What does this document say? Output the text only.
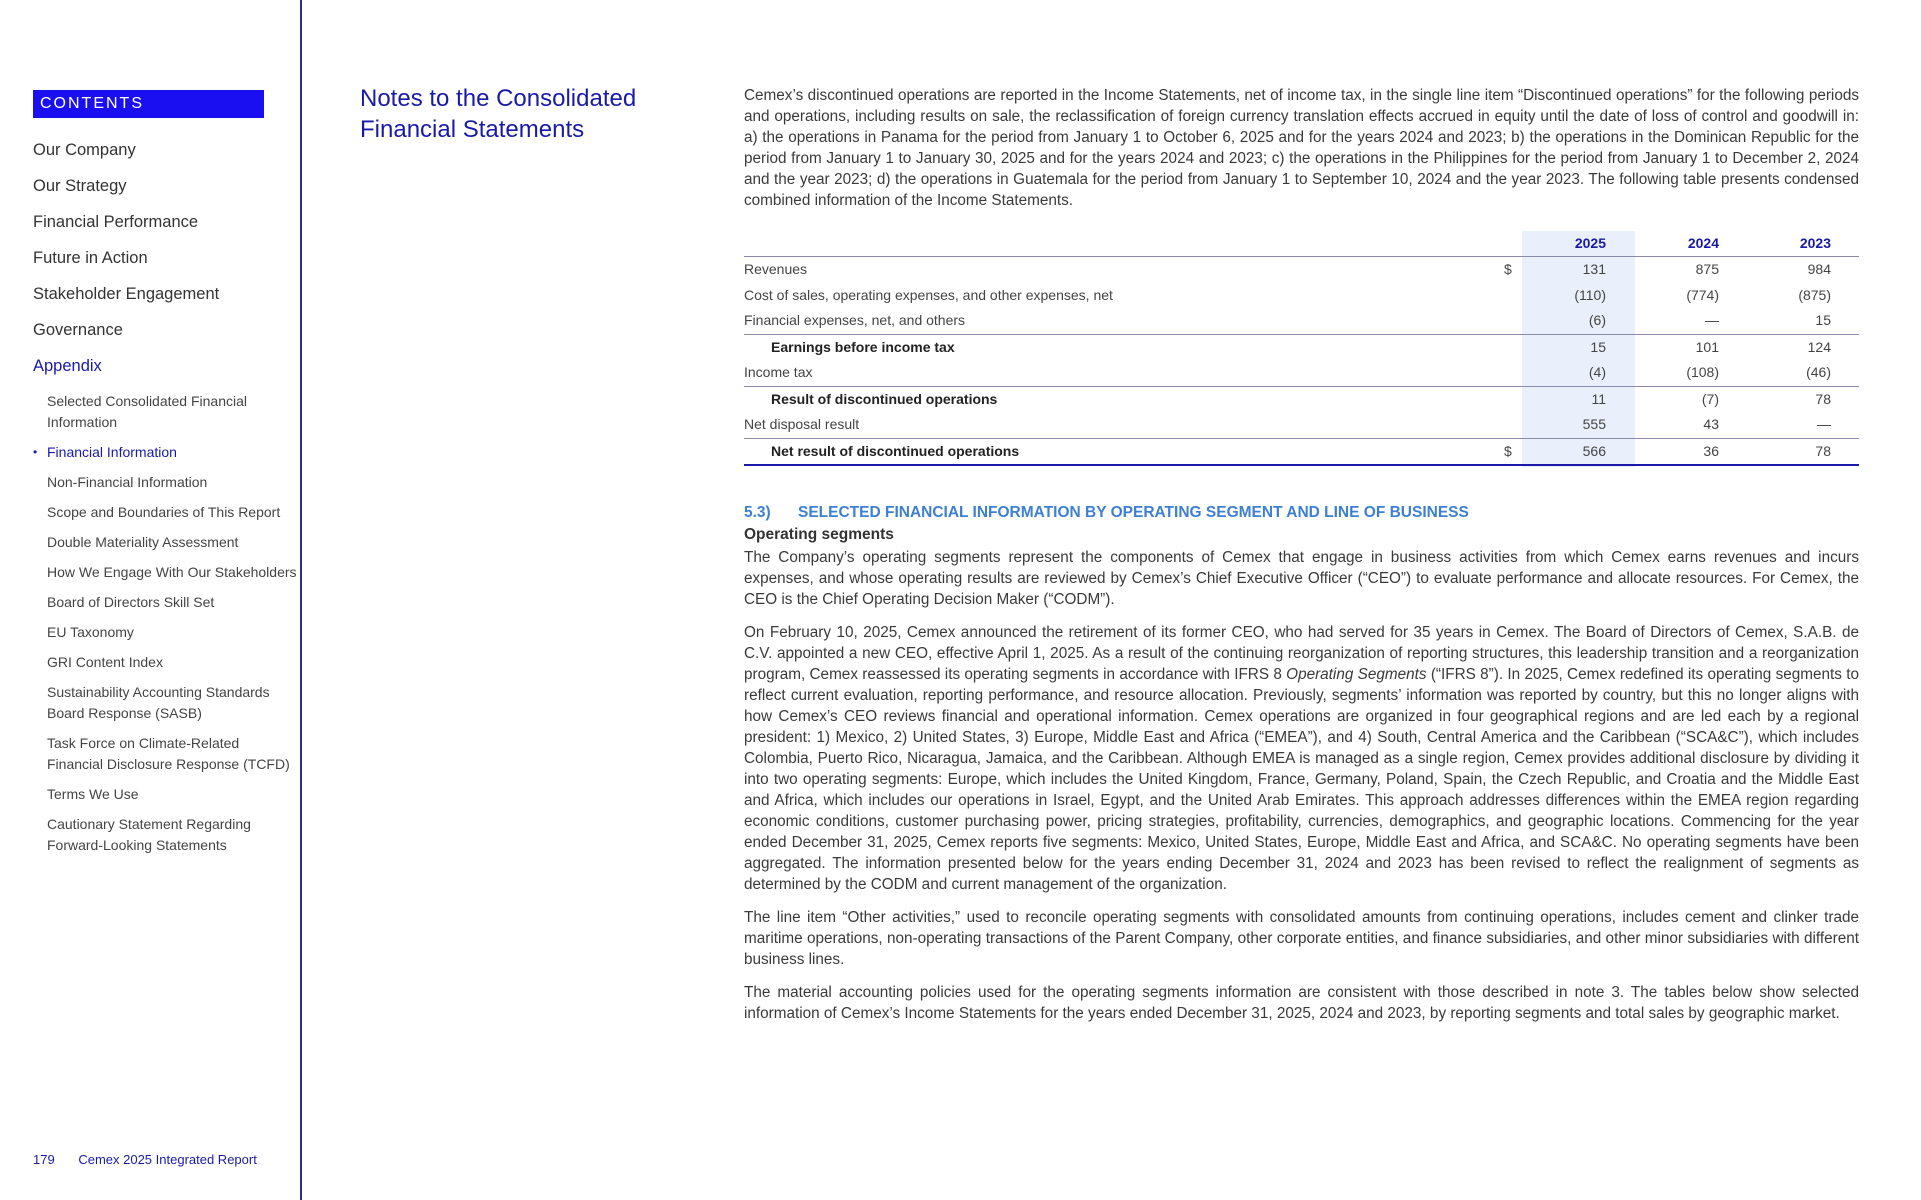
CONTENTS
Our Company
Our Strategy
Financial Performance
Future in Action
Stakeholder Engagement
Governance
Appendix
Selected Consolidated Financial Information
• Financial Information
Non-Financial Information
Scope and Boundaries of This Report
Double Materiality Assessment
How We Engage With Our Stakeholders
Board of Directors Skill Set
EU Taxonomy
GRI Content Index
Sustainability Accounting Standards Board Response (SASB)
Task Force on Climate-Related Financial Disclosure Response (TCFD)
Terms We Use
Cautionary Statement Regarding Forward-Looking Statements
179 Cemex 2025 Integrated Report
Notes to the Consolidated Financial Statements

Cemex’s discontinued operations are reported in the Income Statements, net of income tax, in the single line item “Discontinued operations” for the following periods and operations, including results on sale, the reclassification of foreign currency translation effects accrued in equity until the date of loss of control and goodwill in: a) the operations in Panama for the period from January 1 to October 6, 2025 and for the years 2024 and 2023; b) the operations in the Dominican Republic for the period from January 1 to January 30, 2025 and for the years 2024 and 2023; c) the operations in the Philippines for the period from January 1 to December 2, 2024 and the year 2023; d) the operations in Guatemala for the period from January 1 to September 10, 2024 and the year 2023. The following table presents condensed combined information of the Income Statements.

2025	2024	2023
Revenues	$	131	875	984
Cost of sales, operating expenses, and other expenses, net	(110)	(774)	(875)
Financial expenses, net, and others	(6)	—	15
Earnings before income tax	15	101	124
Income tax	(4)	(108)	(46)
Result of discontinued operations	11	(7)	78
Net disposal result	555	43	—
Net result of discontinued operations	$	566	36	78
5.3) SELECTED FINANCIAL INFORMATION BY OPERATING SEGMENT AND LINE OF BUSINESS
Operating segments

The Company’s operating segments represent the components of Cemex that engage in business activities from which Cemex earns revenues and incurs expenses, and whose operating results are reviewed by Cemex’s Chief Executive Officer (“CEO”) to evaluate performance and allocate resources. For Cemex, the CEO is the Chief Operating Decision Maker (“CODM”).

On February 10, 2025, Cemex announced the retirement of its former CEO, who had served for 35 years in Cemex. The Board of Directors of Cemex, S.A.B. de C.V. appointed a new CEO, effective April 1, 2025. As a result of the continuing reorganization of reporting structures, this leadership transition and a reorganization program, Cemex reassessed its operating segments in accordance with IFRS 8 Operating Segments (“IFRS 8”). In 2025, Cemex redefined its operating segments to reflect current evaluation, reporting performance, and resource allocation. Previously, segments’ information was reported by country, but this no longer aligns with how Cemex’s CEO reviews financial and operational information. Cemex operations are organized in four geographical regions and are led each by a regional president: 1) Mexico, 2) United States, 3) Europe, Middle East and Africa (“EMEA”), and 4) South, Central America and the Caribbean (“SCA&C”), which includes Colombia, Puerto Rico, Nicaragua, Jamaica, and the Caribbean. Although EMEA is managed as a single region, Cemex provides additional disclosure by dividing it into two operating segments: Europe, which includes the United Kingdom, France, Germany, Poland, Spain, the Czech Republic, and Croatia and the Middle East and Africa, which includes our operations in Israel, Egypt, and the United Arab Emirates. This approach addresses differences within the EMEA region regarding economic conditions, customer purchasing power, pricing strategies, profitability, currencies, demographics, and geographic locations. Commencing for the year ended December 31, 2025, Cemex reports five segments: Mexico, United States, Europe, Middle East and Africa, and SCA&C. No operating segments have been aggregated. The information presented below for the years ending December 31, 2024 and 2023 has been revised to reflect the realignment of segments as determined by the CODM and current management of the organization.

The line item “Other activities,” used to reconcile operating segments with consolidated amounts from continuing operations, includes cement and clinker trade maritime operations, non-operating transactions of the Parent Company, other corporate entities, and finance subsidiaries, and other minor subsidiaries with different business lines.

The material accounting policies used for the operating segments information are consistent with those described in note 3. The tables below show selected information of Cemex’s Income Statements for the years ended December 31, 2025, 2024 and 2023, by reporting segments and total sales by geographic market.
